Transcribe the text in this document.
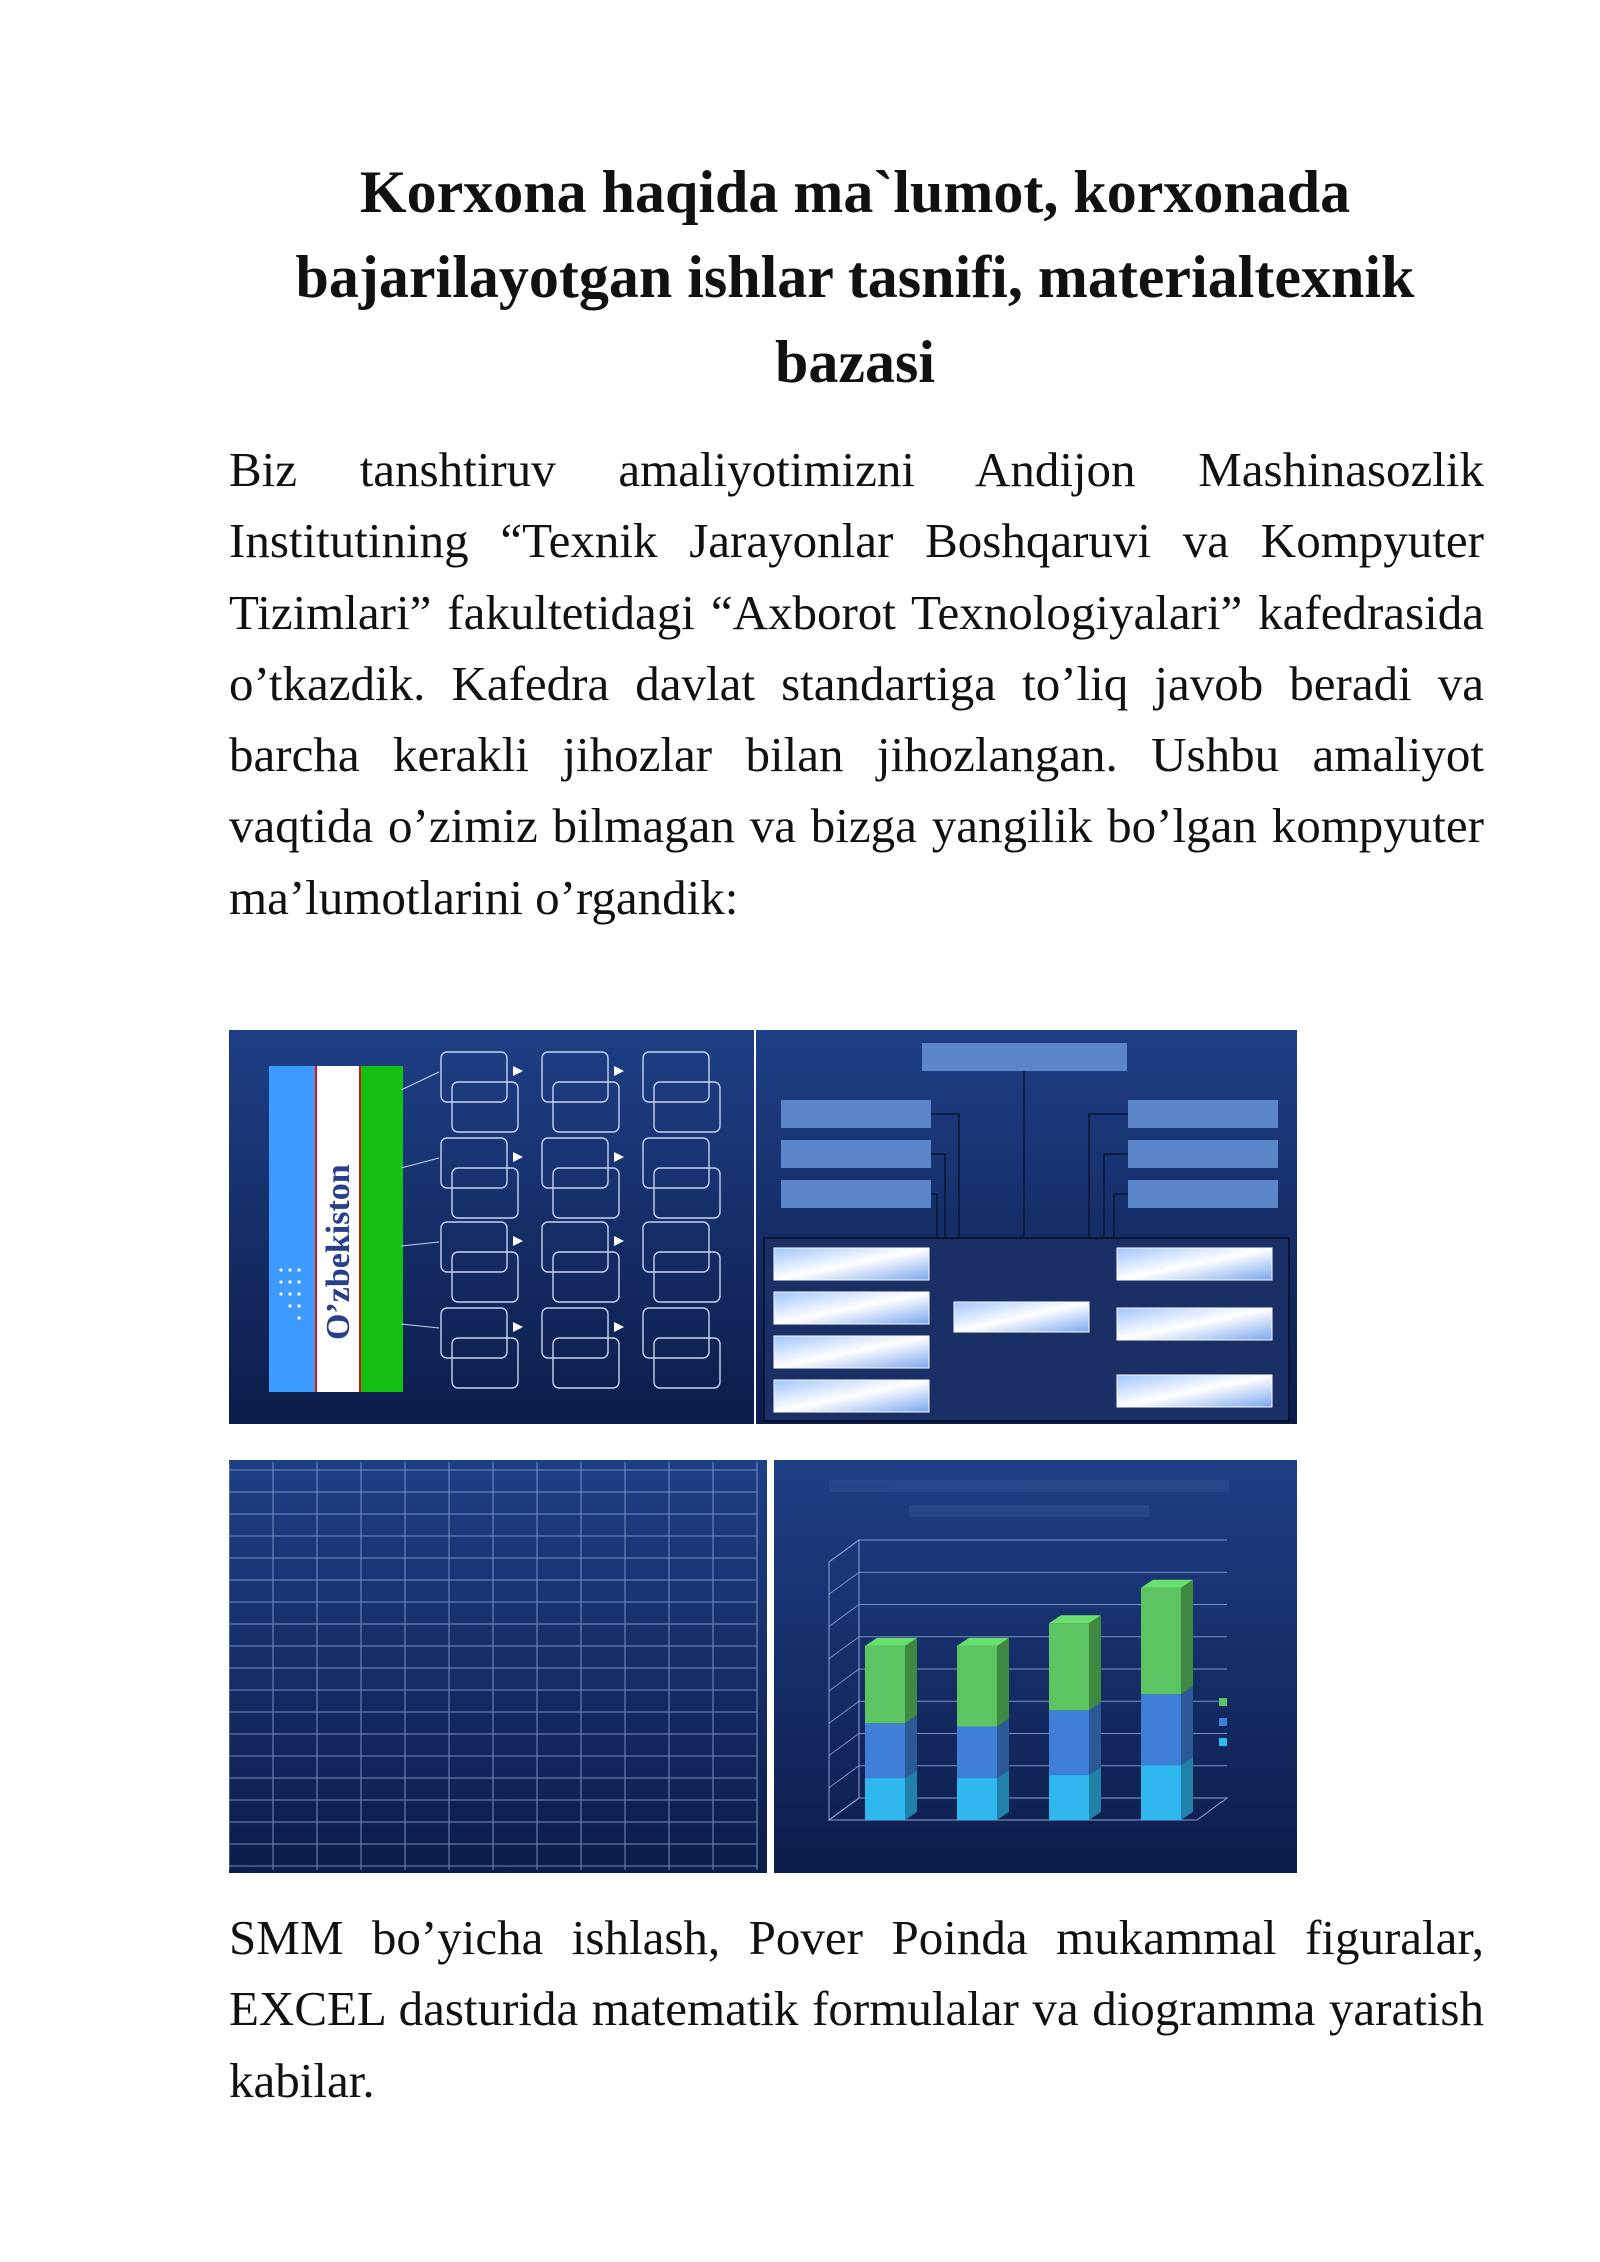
Korxona haqida ma`lumot, korxonada bajarilayotgan ishlar tasnifi, materialtexnik bazasi

Biz tanshtiruv amaliyotimizni Andijon Mashinasozlik Institutining “Texnik Jarayonlar Boshqaruvi va Kompyuter Tizimlari” fakultetidagi “Axborot Texnologiyalari” kafedrasida o’tkazdik. Kafedra davlat standartiga to’liq javob beradi va barcha kerakli jihozlar bilan jihozlangan. Ushbu amaliyot vaqtida o’zimiz bilmagan va bizga yangilik bo’lgan kompyuter ma’lumotlarini o’rgandik:

O’zbekiston

SMM bo’yicha ishlash, Pover Poinda mukammal figuralar, EXCEL dasturida matematik formulalar va diogramma yaratish kabilar.
